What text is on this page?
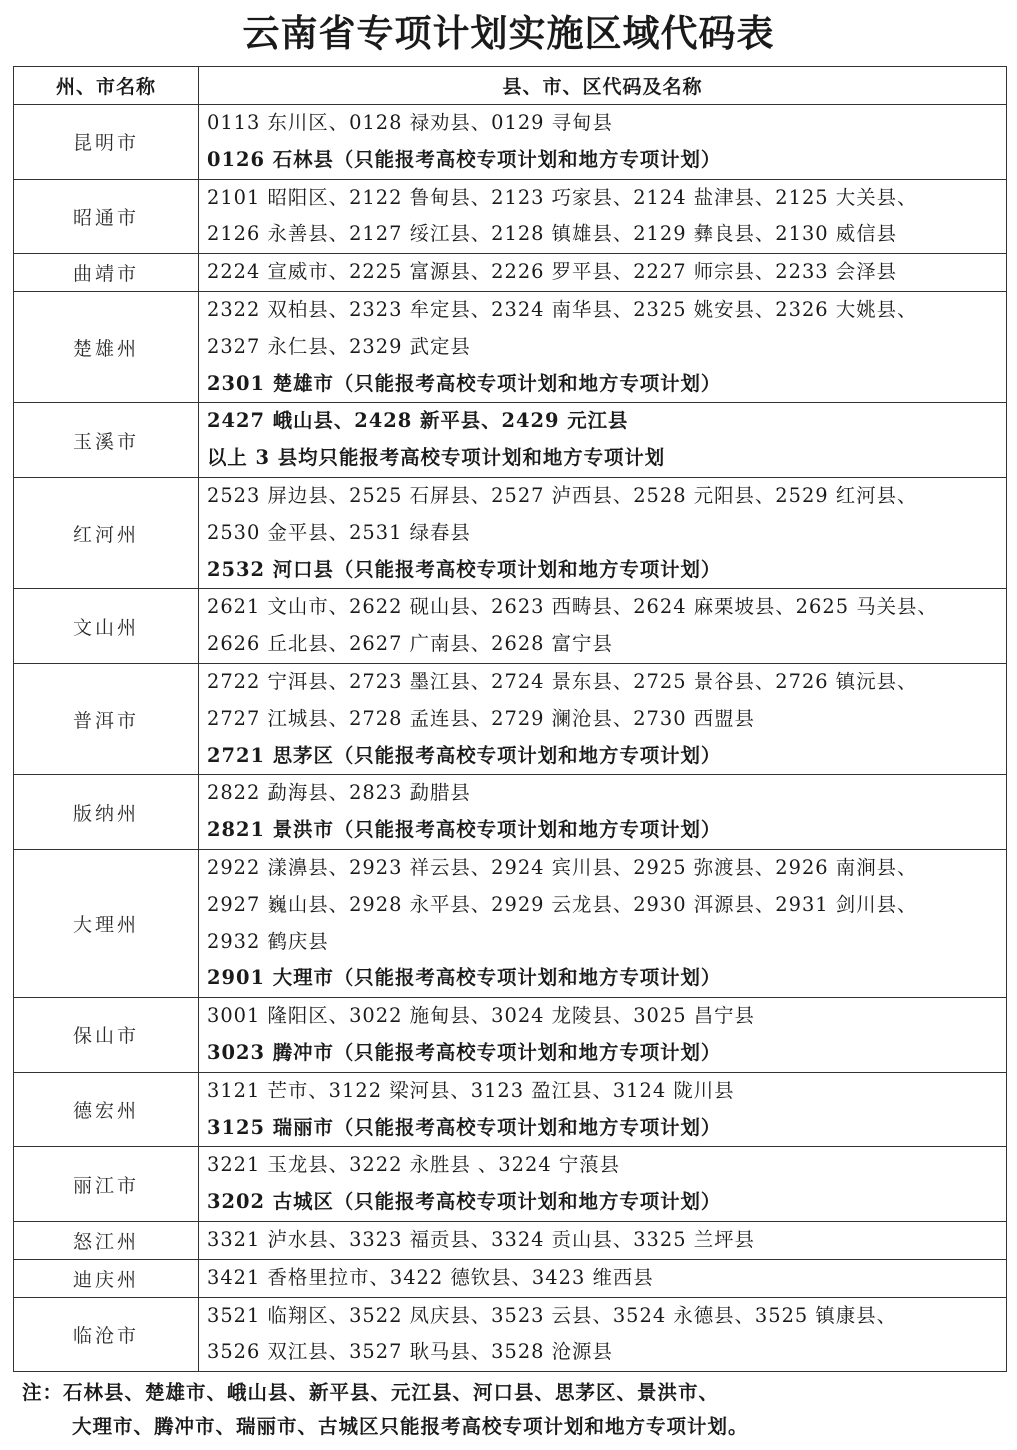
云南省专项计划实施区域代码表
州、市名称	县、市、区代码及名称
昆明市	0113 东川区、0128 禄劝县、0129 寻甸县
0126 石林县（只能报考高校专项计划和地方专项计划）

昭通市	2101 昭阳区、2122 鲁甸县、2123 巧家县、2124 盐津县、2125 大关县、
2126 永善县、2127 绥江县、2128 镇雄县、2129 彝良县、2130 威信县

曲靖市	2224 宣威市、2225 富源县、2226 罗平县、2227 师宗县、2233 会泽县

楚雄州	2322 双柏县、2323 牟定县、2324 南华县、2325 姚安县、2326 大姚县、
2327 永仁县、2329 武定县
2301 楚雄市（只能报考高校专项计划和地方专项计划）

玉溪市	2427 峨山县、2428 新平县、2429 元江县
以上 3 县均只能报考高校专项计划和地方专项计划

红河州	2523 屏边县、2525 石屏县、2527 泸西县、2528 元阳县、2529 红河县、
2530 金平县、2531 绿春县
2532 河口县（只能报考高校专项计划和地方专项计划）

文山州	2621 文山市、2622 砚山县、2623 西畴县、2624 麻栗坡县、2625 马关县、
2626 丘北县、2627 广南县、2628 富宁县

普洱市	2722 宁洱县、2723 墨江县、2724 景东县、2725 景谷县、2726 镇沅县、
2727 江城县、2728 孟连县、2729 澜沧县、2730 西盟县
2721 思茅区（只能报考高校专项计划和地方专项计划）

版纳州	2822 勐海县、2823 勐腊县
2821 景洪市（只能报考高校专项计划和地方专项计划）

大理州	2922 漾濞县、2923 祥云县、2924 宾川县、2925 弥渡县、2926 南涧县、
2927 巍山县、2928 永平县、2929 云龙县、2930 洱源县、2931 剑川县、
2932 鹤庆县
2901 大理市（只能报考高校专项计划和地方专项计划）

保山市	3001 隆阳区、3022 施甸县、3024 龙陵县、3025 昌宁县
3023 腾冲市（只能报考高校专项计划和地方专项计划）

德宏州	3121 芒市、3122 梁河县、3123 盈江县、3124 陇川县
3125 瑞丽市（只能报考高校专项计划和地方专项计划）

丽江市	3221 玉龙县、3222 永胜县 、3224 宁蒗县
3202 古城区（只能报考高校专项计划和地方专项计划）

怒江州	3321 泸水县、3323 福贡县、3324 贡山县、3325 兰坪县

迪庆州	3421 香格里拉市、3422 德钦县、3423 维西县

临沧市	3521 临翔区、3522 凤庆县、3523 云县、3524 永德县、3525 镇康县、
3526 双江县、3527 耿马县、3528 沧源县
注：石林县、楚雄市、峨山县、新平县、元江县、河口县、思茅区、景洪市、
大理市、腾冲市、瑞丽市、古城区只能报考高校专项计划和地方专项计划。
